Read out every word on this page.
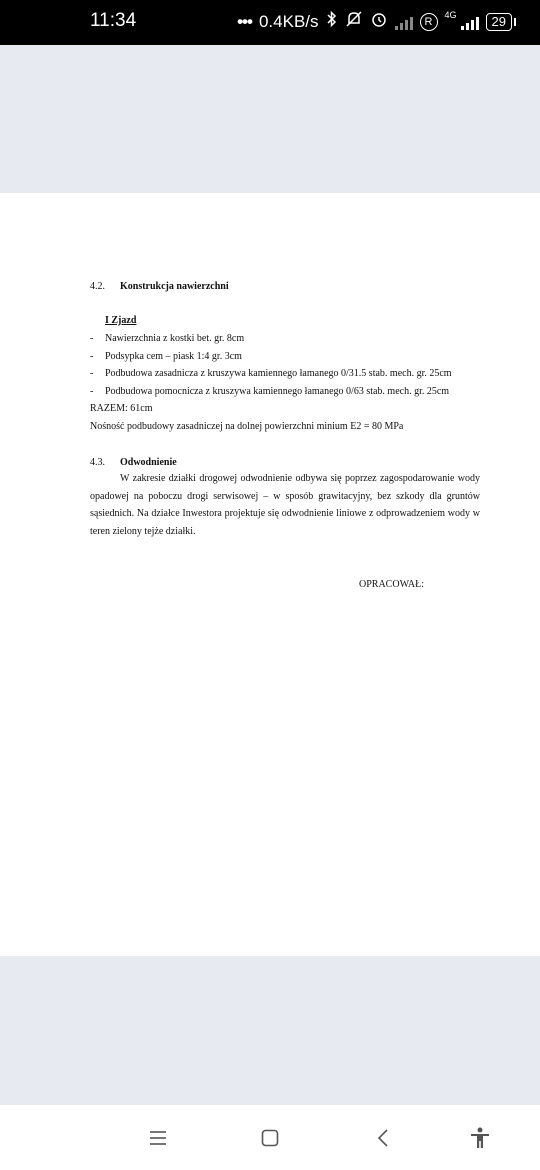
11:34	••• 0.4KB/s	R
4G	29
4.2. Konstrukcja nawierzchni
I Zjazd
- Nawierzchnia z kostki bet. gr. 8cm
- Podsypka cem – piask 1:4 gr. 3cm
- Podbudowa zasadnicza z kruszywa kamiennego łamanego 0/31.5 stab. mech. gr. 25cm
- Podbudowa pomocnicza z kruszywa kamiennego łamanego 0/63 stab. mech. gr. 25cm
RAZEM: 61cm
Nośność podbudowy zasadniczej na dolnej powierzchni minium E2 = 80 MPa
4.3. Odwodnienie
W zakresie działki drogowej odwodnienie odbywa się poprzez zagospodarowanie wody opadowej na poboczu drogi serwisowej – w sposób grawitacyjny, bez szkody dla gruntów sąsiednich. Na działce Inwestora projektuje się odwodnienie liniowe z odprowadzeniem wody w teren zielony tejże działki.
OPRACOWAŁ:
